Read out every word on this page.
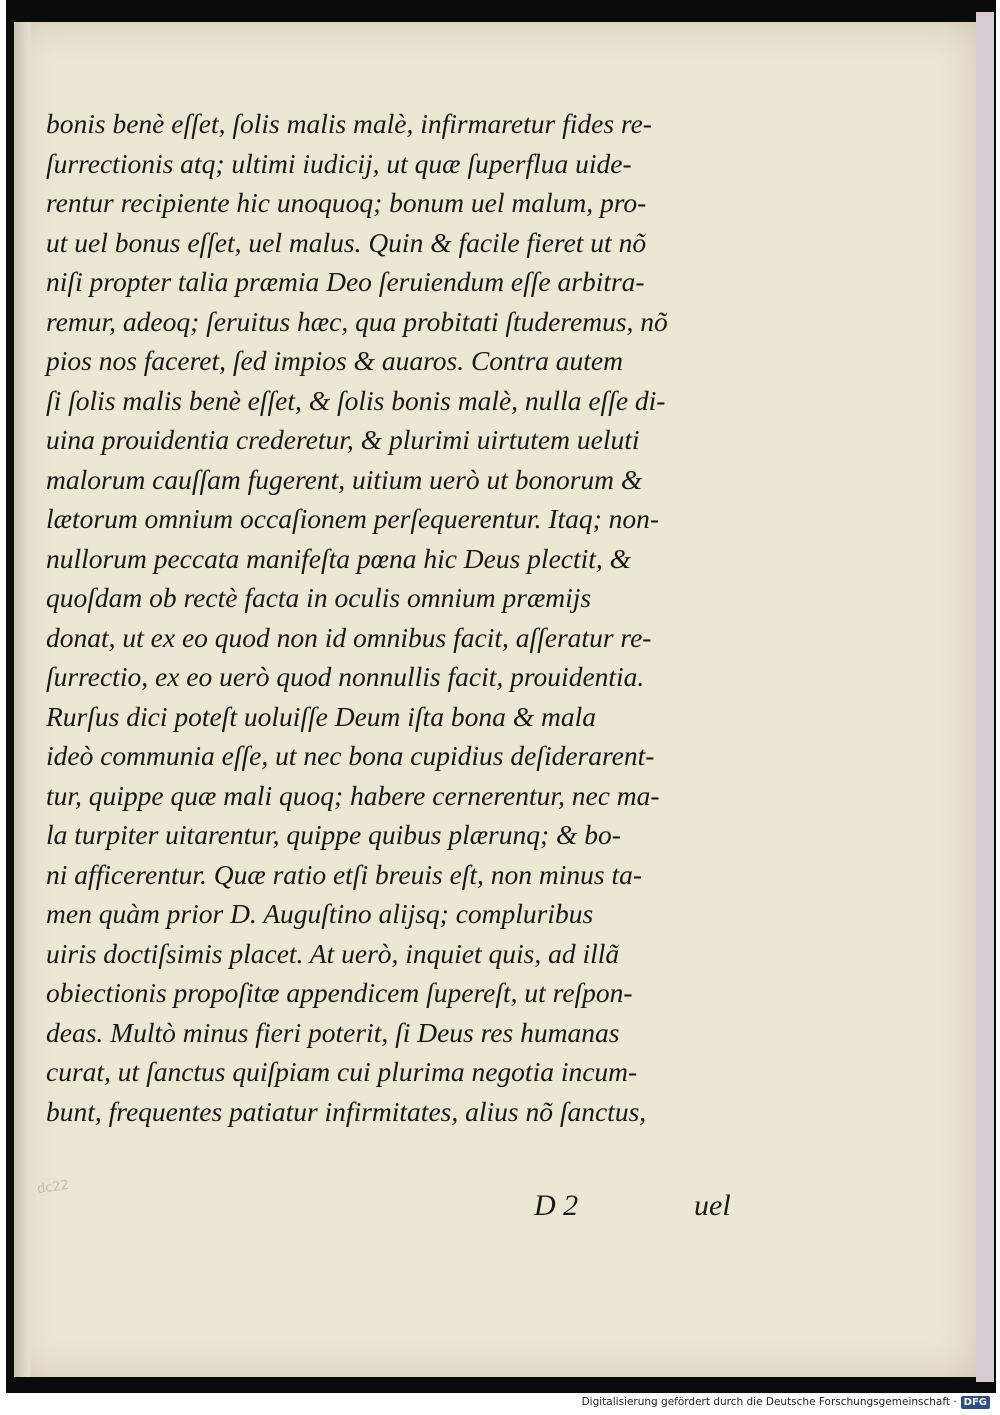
bonis benè eſſet, ſolis malis malè, infirmaretur fides re-
ſurrectionis atq; ultimi iudicij, ut quæ ſuperflua uide-
rentur recipiente hic unoquoq; bonum uel malum, pro-
ut uel bonus eſſet, uel malus. Quin & facile fieret ut nõ
niſi propter talia præmia Deo ſeruiendum eſſe arbitra-
remur, adeoq; ſeruitus hæc, qua probitati ſtuderemus, nõ
pios nos faceret, ſed impios & auaros. Contra autem
ſi ſolis malis benè eſſet, & ſolis bonis malè, nulla eſſe di-
uina prouidentia crederetur, & plurimi uirtutem ueluti
malorum cauſſam fugerent, uitium uerò ut bonorum &
lætorum omnium occaſionem perſequerentur. Itaq; non-
nullorum peccata manifeſta pœna hic Deus plectit, &
quoſdam ob rectè facta in oculis omnium præmijs
donat, ut ex eo quod non id omnibus facit, aſſeratur re-
ſurrectio, ex eo uerò quod nonnullis facit, prouidentia.
Rurſus dici poteſt uoluiſſe Deum iſta bona & mala
ideò communia eſſe, ut nec bona cupidius deſiderarent-
tur, quippe quæ mali quoq; habere cernerentur, nec ma-
la turpiter uitarentur, quippe quibus plærunq; & bo-
ni afficerentur. Quæ ratio etſi breuis eſt, non minus ta-
men quàm prior D. Auguſtino alijsq; compluribus
uiris doctiſsimis placet. At uerò, inquiet quis, ad illã
obiectionis propoſitæ appendicem ſupereſt, ut reſpon-
deas. Multò minus fieri poterit, ſi Deus res humanas
curat, ut ſanctus quiſpiam cui plurima negotia incum-
bunt, frequentes patiatur infirmitates, alius nõ ſanctus,
dc22
D 2	uel
Digitalisierung gefördert durch die Deutsche Forschungsgemeinschaft · DFG
